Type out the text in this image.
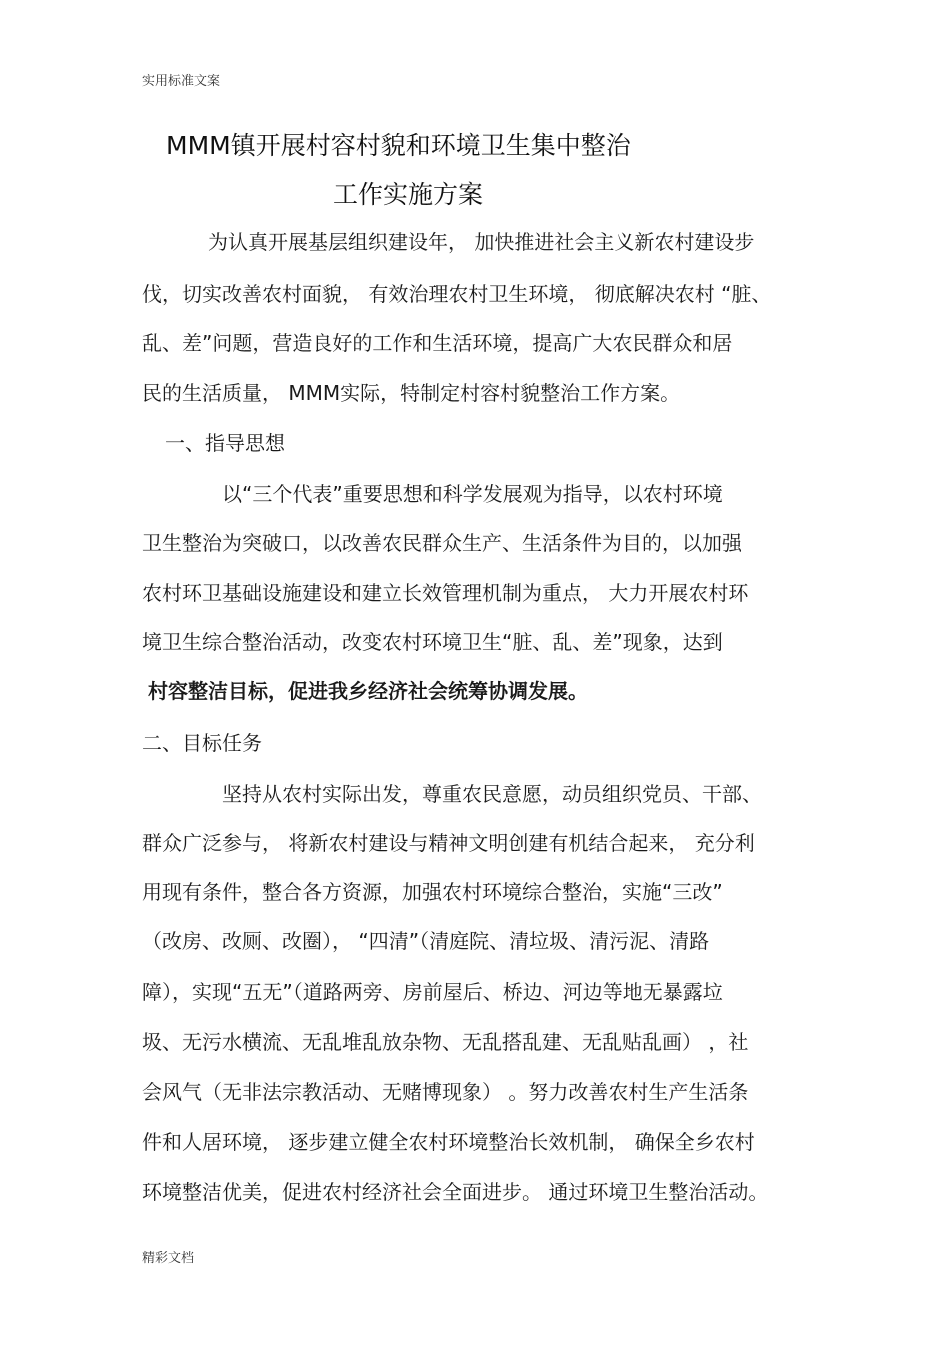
实用标准文案

MMM镇开展村容村貌和环境卫生集中整治
工作实施方案

为认真开展基层组织建设年， 加快推进社会主义新农村建设步

伐，切实改善农村面貌， 有效治理农村卫生环境， 彻底解决农村 “脏、

乱、差”问题，营造良好的工作和生活环境，提高广大农民群众和居

民的生活质量， MMM实际，特制定村容村貌整治工作方案。

一、指导思想

以“三个代表”重要思想和科学发展观为指导，以农村环境

卫生整治为突破口，以改善农民群众生产、生活条件为目的，以加强

农村环卫基础设施建设和建立长效管理机制为重点， 大力开展农村环

境卫生综合整治活动，改变农村环境卫生“脏、乱、差”现象，达到

村容整洁目标，促进我乡经济社会统筹协调发展。

二、目标任务

坚持从农村实际出发，尊重农民意愿，动员组织党员、干部、

群众广泛参与， 将新农村建设与精神文明创建有机结合起来， 充分利

用现有条件，整合各方资源，加强农村环境综合整治，实施“三改”

（改房、改厕、改圈）， “四清”（清庭院、清垃圾、清污泥、清路

障），实现“五无”（道路两旁、房前屋后、桥边、河边等地无暴露垃

圾、无污水横流、无乱堆乱放杂物、无乱搭乱建、无乱贴乱画） ，社

会风气（无非法宗教活动、无赌博现象） 。努力改善农村生产生活条

件和人居环境， 逐步建立健全农村环境整治长效机制， 确保全乡农村

环境整洁优美，促进农村经济社会全面进步。 通过环境卫生整治活动。

精彩文档
